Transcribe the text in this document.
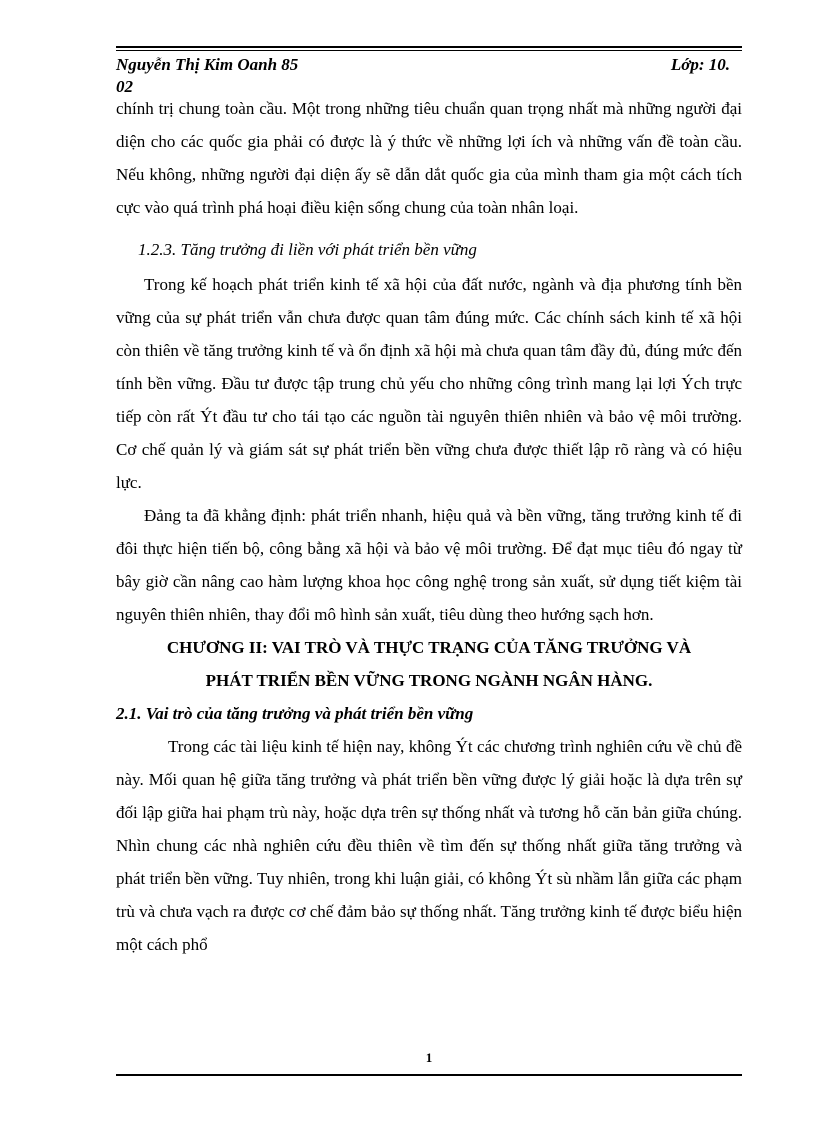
Nguyễn Thị Kim Oanh 85	Lớp: 10.
02

chính trị chung toàn cầu. Một trong những tiêu chuẩn quan trọng nhất mà những người đại diện cho các quốc gia phải có được là ý thức về những lợi ích và những vấn đề toàn cầu. Nếu không, những người đại diện ấy sẽ dẫn dắt quốc gia của mình tham gia một cách tích cực vào quá trình phá hoại điều kiện sống chung của toàn nhân loại.

1.2.3. Tăng trưởng đi liền với phát triển bền vững

Trong kế hoạch phát triển kinh tế xã hội của đất nước, ngành và địa phương tính bền vững của sự phát triển vẫn chưa được quan tâm đúng mức. Các chính sách kinh tế xã hội còn thiên về tăng trưởng kinh tế và ổn định xã hội mà chưa quan tâm đầy đủ, đúng mức đến tính bền vững. Đầu tư được tập trung chủ yếu cho những công trình mang lại lợi Ých trực tiếp còn rất Ýt đầu tư cho tái tạo các nguồn tài nguyên thiên nhiên và bảo vệ môi trường. Cơ chế quản lý và giám sát sự phát triển bền vững chưa được thiết lập rõ ràng và có hiệu lực.

Đảng ta đã khẳng định: phát triển nhanh, hiệu quả và bền vững, tăng trưởng kinh tế đi đôi thực hiện tiến bộ, công bằng xã hội và bảo vệ môi trường. Để đạt mục tiêu đó ngay từ bây giờ cần nâng cao hàm lượng khoa học công nghệ trong sản xuất, sử dụng tiết kiệm tài nguyên thiên nhiên, thay đổi mô hình sản xuất, tiêu dùng theo hướng sạch hơn.

CHƯƠNG II: VAI TRÒ VÀ THỰC TRẠNG CỦA TĂNG TRƯỞNG VÀ

PHÁT TRIỂN BỀN VỮNG TRONG NGÀNH NGÂN HÀNG.

2.1. Vai trò của tăng trưởng và phát triển bền vững

Trong các tài liệu kinh tế hiện nay, không Ýt các chương trình nghiên cứu về chủ đề này. Mối quan hệ giữa tăng trưởng và phát triển bền vững được lý giải hoặc là dựa trên sự đối lập giữa hai phạm trù này, hoặc dựa trên sự thống nhất và tương hỗ căn bản giữa chúng. Nhìn chung các nhà nghiên cứu đều thiên về tìm đến sự thống nhất giữa tăng trưởng và phát triển bền vững. Tuy nhiên, trong khi luận giải, có không Ýt sù nhầm lẫn giữa các phạm trù và chưa vạch ra được cơ chế đảm bảo sự thống nhất. Tăng trưởng kinh tế được biểu hiện một cách phổ

1
